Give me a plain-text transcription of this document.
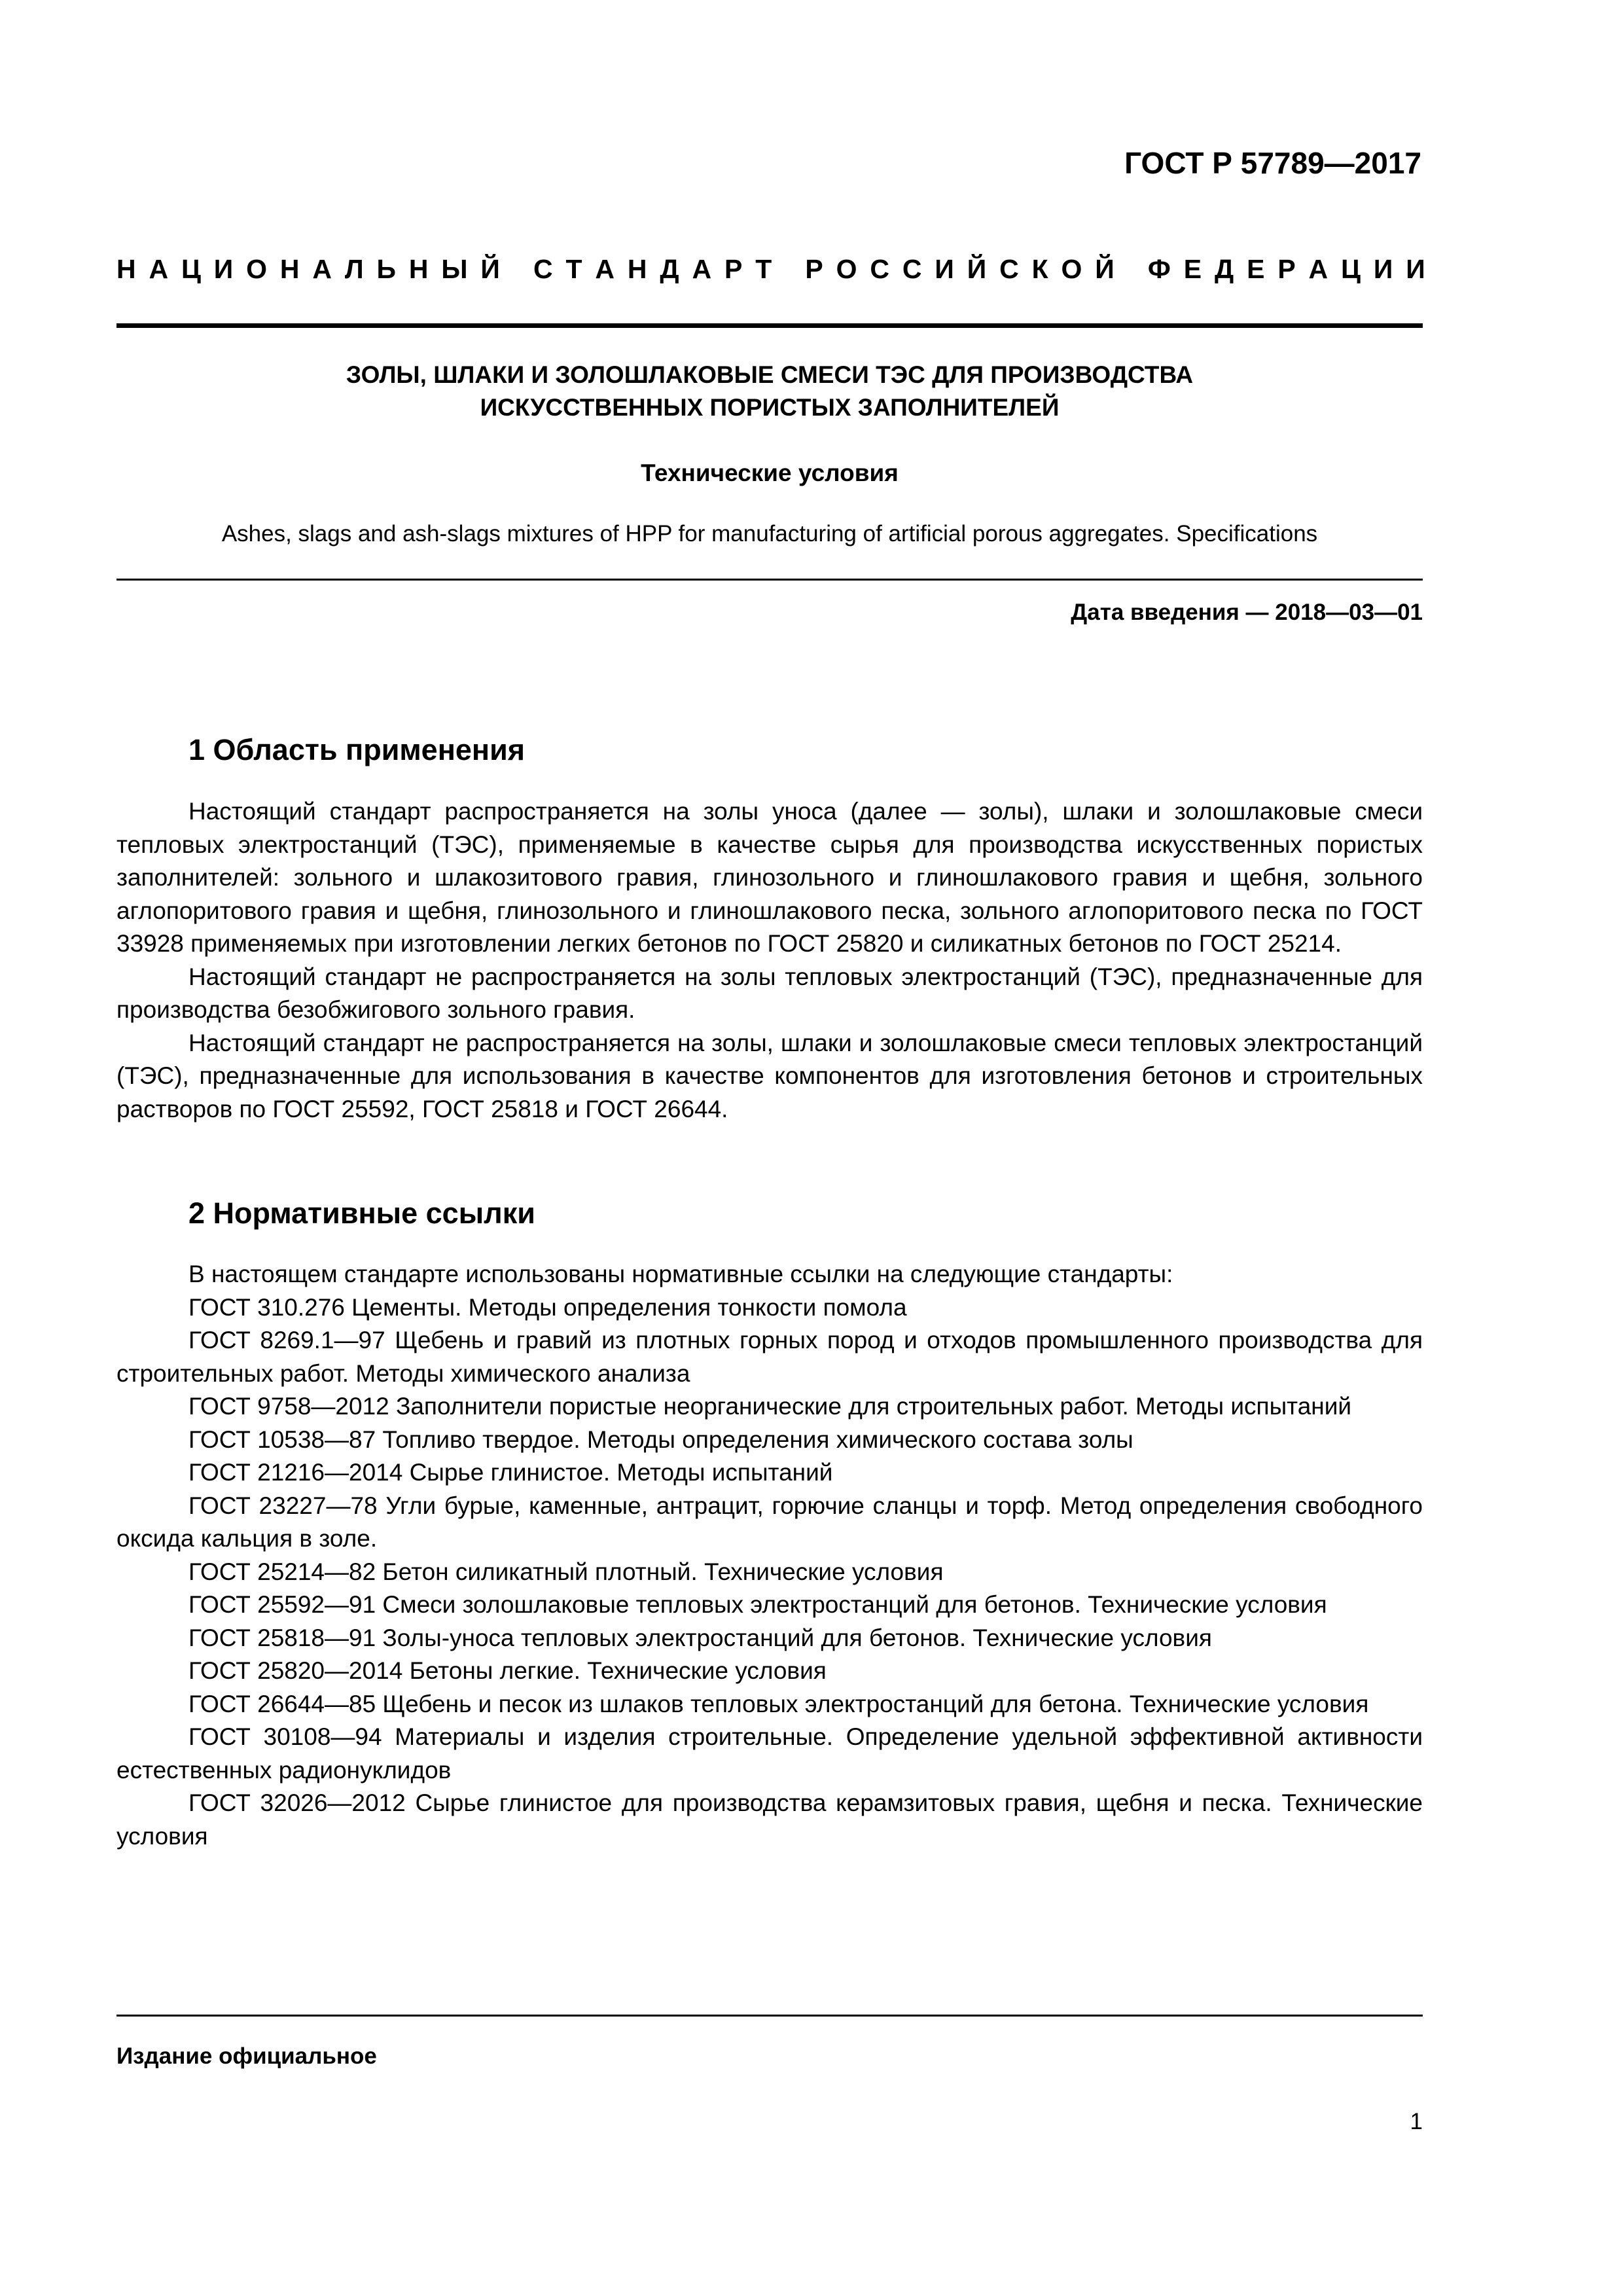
ГОСТ Р 57789—2017
Н А Ц И О Н А Л Ь Н Ы Й
С Т А Н Д А Р Т
Р О С С И Й С К О Й
Ф Е Д Е Р А Ц И И
ЗОЛЫ, ШЛАКИ И ЗОЛОШЛАКОВЫЕ СМЕСИ ТЭС ДЛЯ ПРОИЗВОДСТВА
ИСКУССТВЕННЫХ ПОРИСТЫХ ЗАПОЛНИТЕЛЕЙ
Технические условия
Ashes, slags and ash-slags mixtures of HPP for manufacturing of artificial porous aggregates. Specifications
Дата введения — 2018—03—01
1 Область применения

Настоящий стандарт распространяется на золы уноса (далее — золы), шлаки и золошлаковые смеси тепловых электростанций (ТЭС), применяемые в качестве сырья для производства искусственных пористых заполнителей: зольного и шлакозитового гравия, глинозольного и глиношлакового гравия и щебня, зольного аглопоритового гравия и щебня, глинозольного и глиношлакового песка, зольного аглопоритового песка по ГОСТ 33928 применяемых при изготовлении легких бетонов по ГОСТ 25820 и силикатных бетонов по ГОСТ 25214.

Настоящий стандарт не распространяется на золы тепловых электростанций (ТЭС), предназначенные для производства безобжигового зольного гравия.

Настоящий стандарт не распространяется на золы, шлаки и золошлаковые смеси тепловых электростанций (ТЭС), предназначенные для использования в качестве компонентов для изготовления бетонов и строительных растворов по ГОСТ 25592, ГОСТ 25818 и ГОСТ 26644.

2 Нормативные ссылки

В настоящем стандарте использованы нормативные ссылки на следующие стандарты:

ГОСТ 310.276 Цементы. Методы определения тонкости помола

ГОСТ 8269.1—97 Щебень и гравий из плотных горных пород и отходов промышленного производства для строительных работ. Методы химического анализа

ГОСТ 9758—2012 Заполнители пористые неорганические для строительных работ. Методы испытаний

ГОСТ 10538—87 Топливо твердое. Методы определения химического состава золы

ГОСТ 21216—2014 Сырье глинистое. Методы испытаний

ГОСТ 23227—78 Угли бурые, каменные, антрацит, горючие сланцы и торф. Метод определения свободного оксида кальция в золе.

ГОСТ 25214—82 Бетон силикатный плотный. Технические условия

ГОСТ 25592—91 Смеси золошлаковые тепловых электростанций для бетонов. Технические условия

ГОСТ 25818—91 Золы-уноса тепловых электростанций для бетонов. Технические условия

ГОСТ 25820—2014 Бетоны легкие. Технические условия

ГОСТ 26644—85 Щебень и песок из шлаков тепловых электростанций для бетона. Технические условия

ГОСТ 30108—94 Материалы и изделия строительные. Определение удельной эффективной активности естественных радионуклидов

ГОСТ 32026—2012 Сырье глинистое для производства керамзитовых гравия, щебня и песка. Технические условия

Издание официальное
1
